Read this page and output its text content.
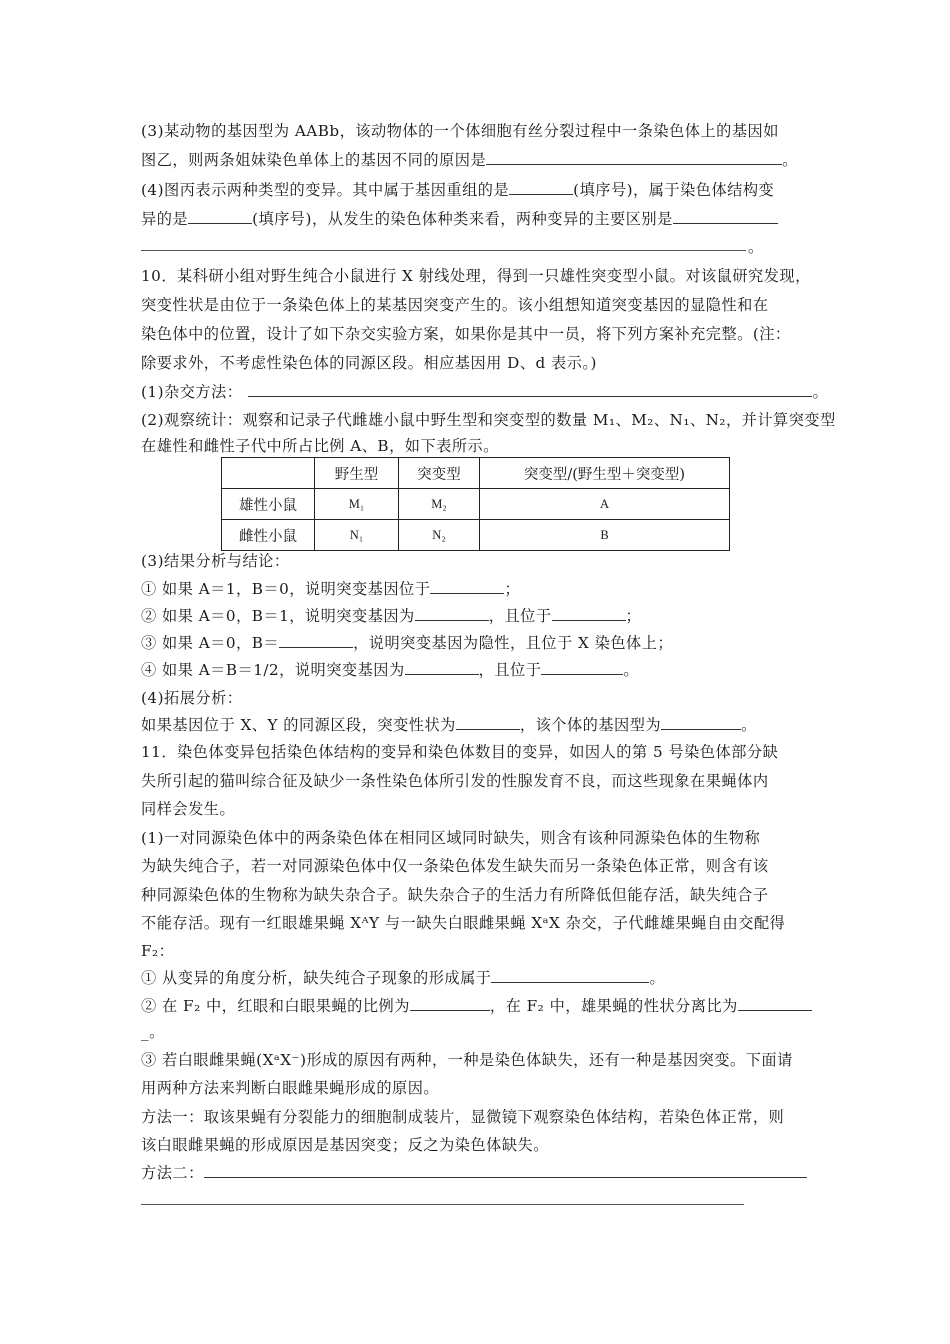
(3)某动物的基因型为 AABb，该动物体的一个体细胞有丝分裂过程中一条染色体上的基因如
图乙，则两条姐妹染色单体上的基因不同的原因是	。
(4)图丙表示两种类型的变异。其中属于基因重组的是	(填序号)，属于染色体结构变
异的是	(填序号)，从发生的染色体种类来看，两种变异的主要区别是
。
10．某科研小组对野生纯合小鼠进行 X 射线处理，得到一只雄性突变型小鼠。对该鼠研究发现，
突变性状是由位于一条染色体上的某基因突变产生的。该小组想知道突变基因的显隐性和在
染色体中的位置，设计了如下杂交实验方案，如果你是其中一员，将下列方案补充完整。(注：
除要求外，不考虑性染色体的同源区段。相应基因用 D、d 表示。)
(1)杂交方法：	。
(2)观察统计：观察和记录子代雌雄小鼠中野生型和突变型的数量 M₁、M₂、N₁、N₂，并计算突变型
在雄性和雌性子代中所占比例 A、B，如下表所示。
	野生型	突变型	突变型/(野生型＋突变型)
雄性小鼠	M₁	M₂	A
雌性小鼠	N₁	N₂	B
(3)结果分析与结论：
① 如果 A＝1，B＝0，说明突变基因位于	；
② 如果 A＝0，B＝1，说明突变基因为	，且位于	；
③ 如果 A＝0，B＝	，说明突变基因为隐性，且位于 X 染色体上；
④ 如果 A＝B＝1/2，说明突变基因为	，且位于	。
(4)拓展分析：
如果基因位于 X、Y 的同源区段，突变性状为	，该个体的基因型为	。
11．染色体变异包括染色体结构的变异和染色体数目的变异，如因人的第 5 号染色体部分缺
失所引起的猫叫综合征及缺少一条性染色体所引发的性腺发育不良，而这些现象在果蝇体内
同样会发生。
(1)一对同源染色体中的两条染色体在相同区域同时缺失，则含有该种同源染色体的生物称
为缺失纯合子，若一对同源染色体中仅一条染色体发生缺失而另一条染色体正常，则含有该
种同源染色体的生物称为缺失杂合子。缺失杂合子的生活力有所降低但能存活，缺失纯合子
不能存活。现有一红眼雄果蝇 XᴬY 与一缺失白眼雌果蝇 XᵃX 杂交，子代雌雄果蝇自由交配得
F₂：
① 从变异的角度分析，缺失纯合子现象的形成属于	。
② 在 F₂ 中，红眼和白眼果蝇的比例为	，在 F₂ 中，雄果蝇的性状分离比为
_。
③ 若白眼雌果蝇(XᵃX⁻)形成的原因有两种，一种是染色体缺失，还有一种是基因突变。下面请
用两种方法来判断白眼雌果蝇形成的原因。
方法一：取该果蝇有分裂能力的细胞制成装片，显微镜下观察染色体结构，若染色体正常，则
该白眼雌果蝇的形成原因是基因突变；反之为染色体缺失。
方法二：
